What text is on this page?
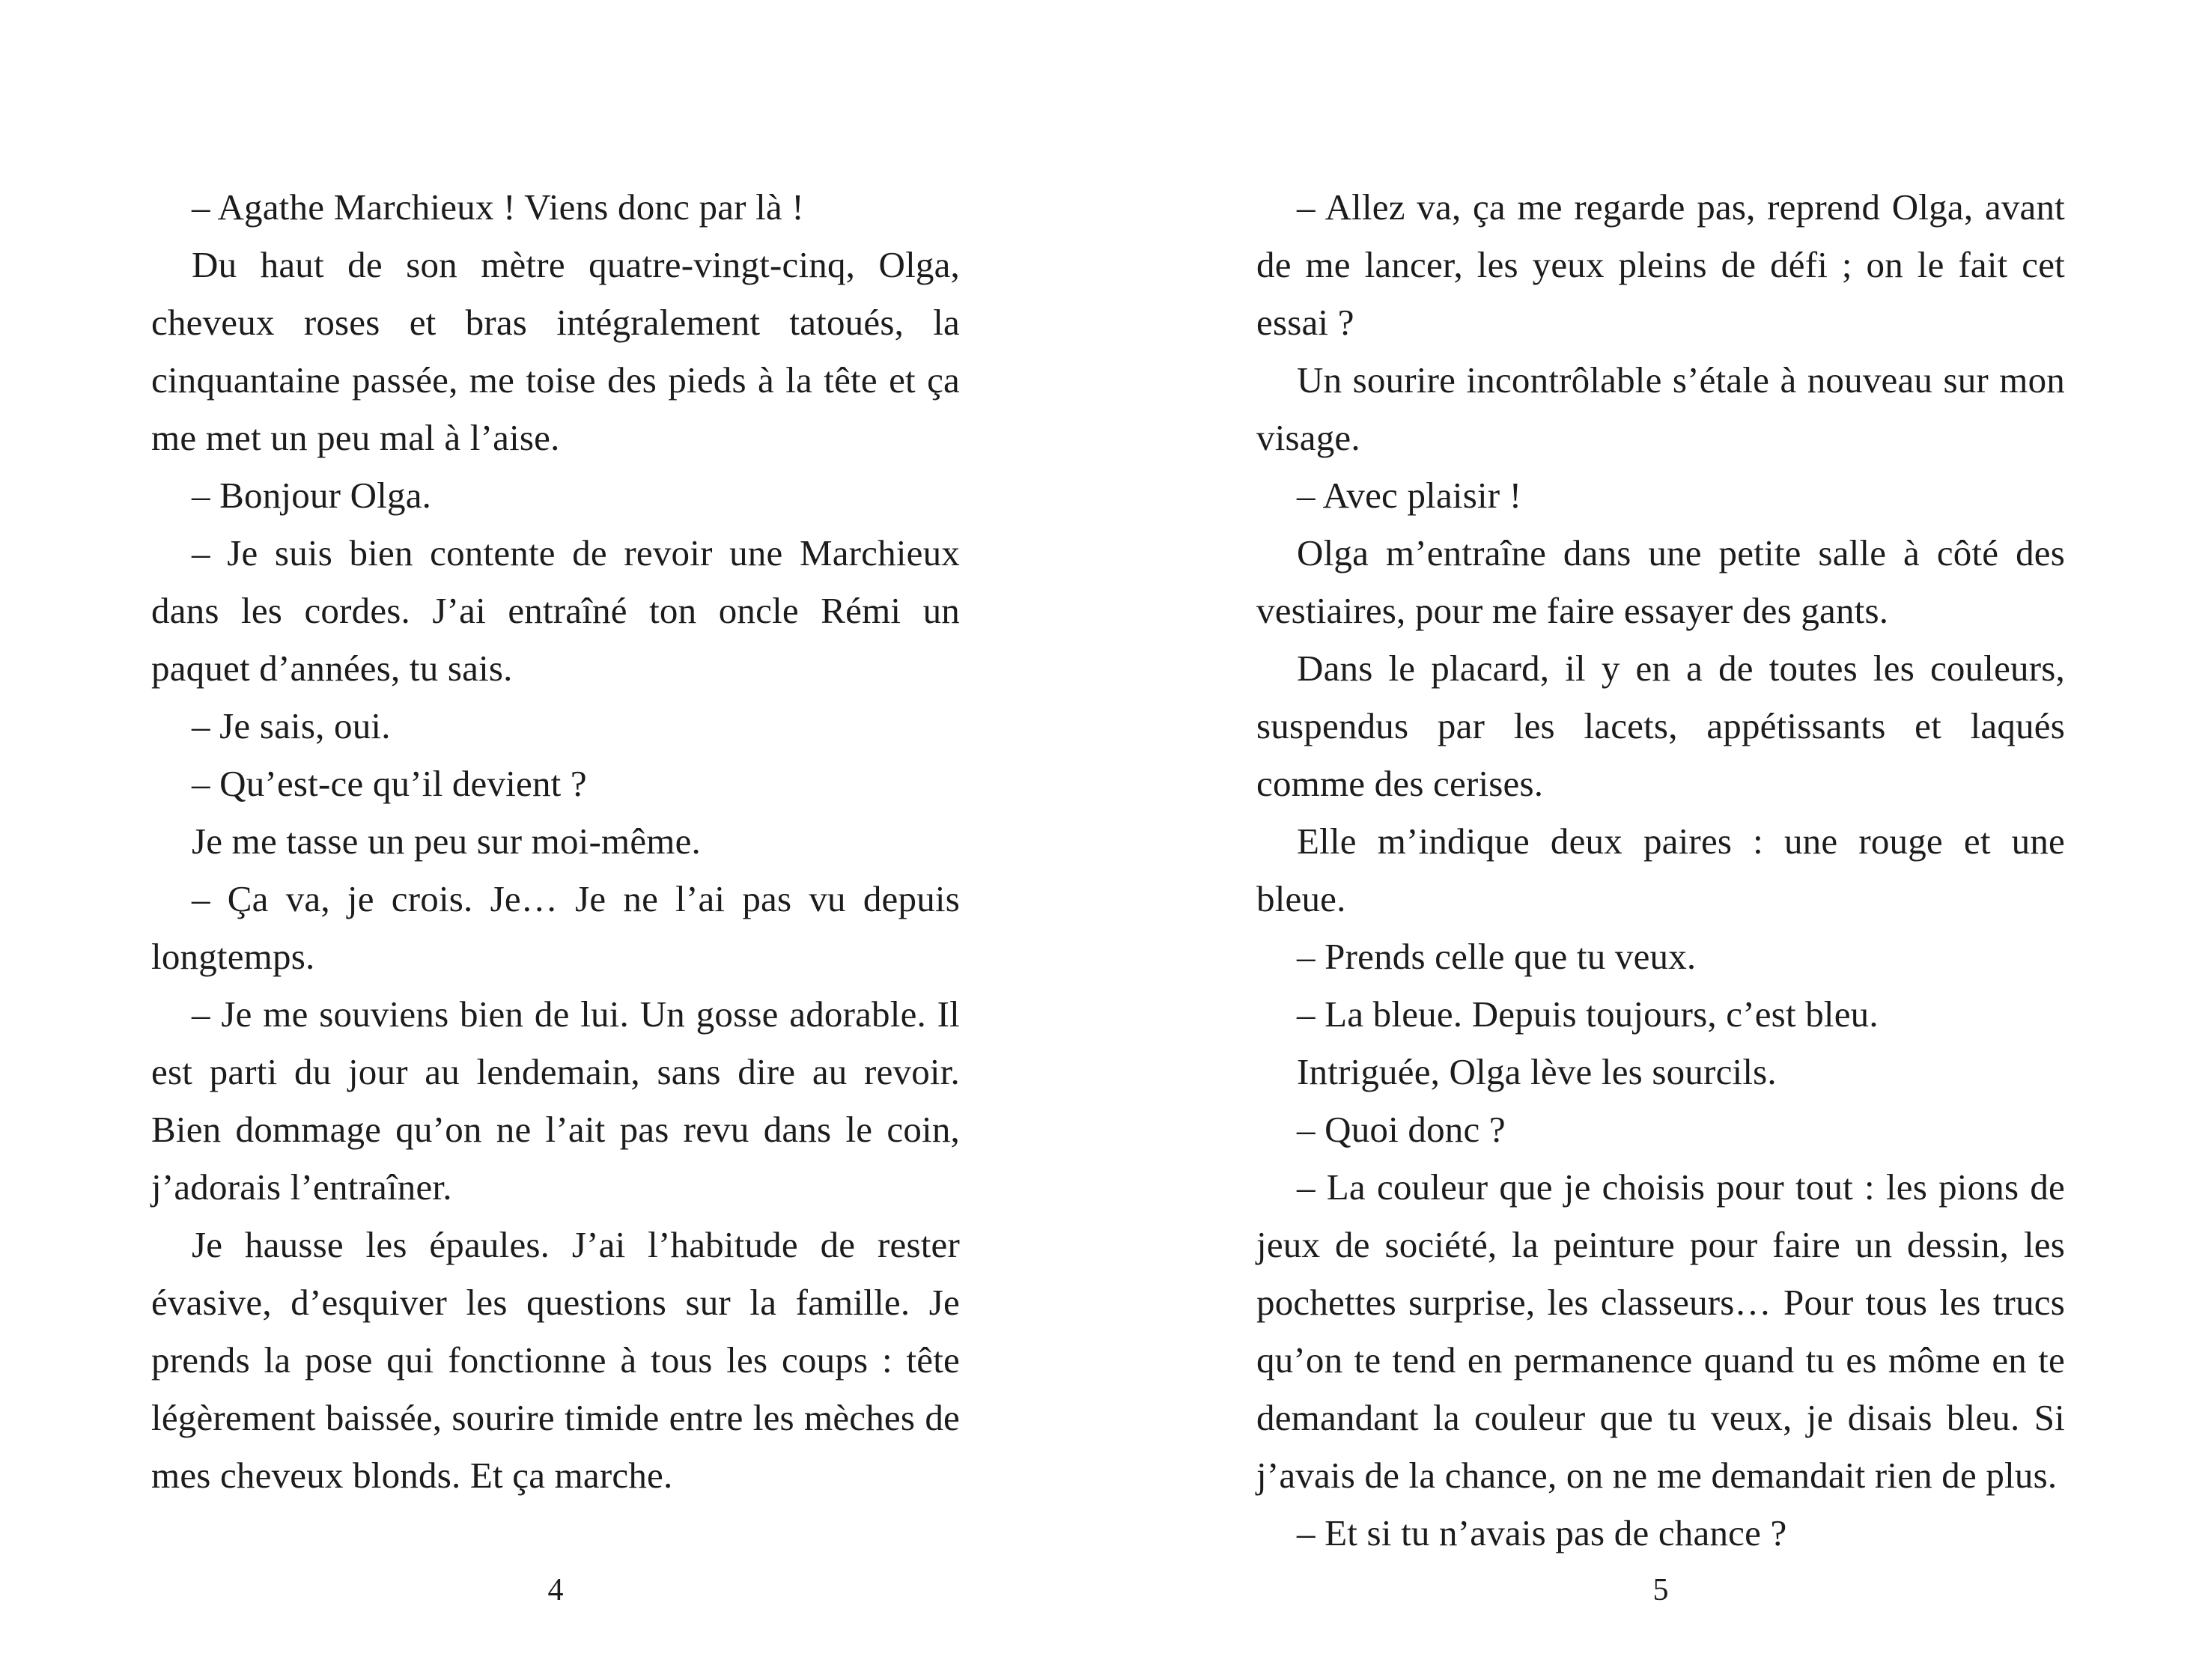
– Agathe Marchieux ! Viens donc par là !

Du haut de son mètre quatre-vingt-cinq, Olga, cheveux roses et bras intégralement tatoués, la cinquantaine passée, me toise des pieds à la tête et ça me met un peu mal à l’aise.

– Bonjour Olga.

– Je suis bien contente de revoir une Marchieux dans les cordes. J’ai entraîné ton oncle Rémi un paquet d’années, tu sais.

– Je sais, oui.

– Qu’est-ce qu’il devient ?

Je me tasse un peu sur moi-même.

– Ça va, je crois. Je… Je ne l’ai pas vu depuis longtemps.

– Je me souviens bien de lui. Un gosse adorable. Il est parti du jour au lendemain, sans dire au revoir. Bien dommage qu’on ne l’ait pas revu dans le coin, j’adorais l’entraîner.

Je hausse les épaules. J’ai l’habitude de rester évasive, d’esquiver les questions sur la famille. Je prends la pose qui fonctionne à tous les coups : tête légèrement baissée, sourire timide entre les mèches de mes cheveux blonds. Et ça marche.

4

– Allez va, ça me regarde pas, reprend Olga, avant de me lancer, les yeux pleins de défi ; on le fait cet essai ?

Un sourire incontrôlable s’étale à nouveau sur mon visage.

– Avec plaisir !

Olga m’entraîne dans une petite salle à côté des vestiaires, pour me faire essayer des gants.

Dans le placard, il y en a de toutes les couleurs, suspendus par les lacets, appétissants et laqués comme des cerises.

Elle m’indique deux paires : une rouge et une bleue.

– Prends celle que tu veux.

– La bleue. Depuis toujours, c’est bleu.

Intriguée, Olga lève les sourcils.

– Quoi donc ?

– La couleur que je choisis pour tout : les pions de jeux de société, la peinture pour faire un dessin, les pochettes surprise, les classeurs… Pour tous les trucs qu’on te tend en permanence quand tu es môme en te demandant la couleur que tu veux, je disais bleu. Si j’avais de la chance, on ne me demandait rien de plus.

– Et si tu n’avais pas de chance ?

5
